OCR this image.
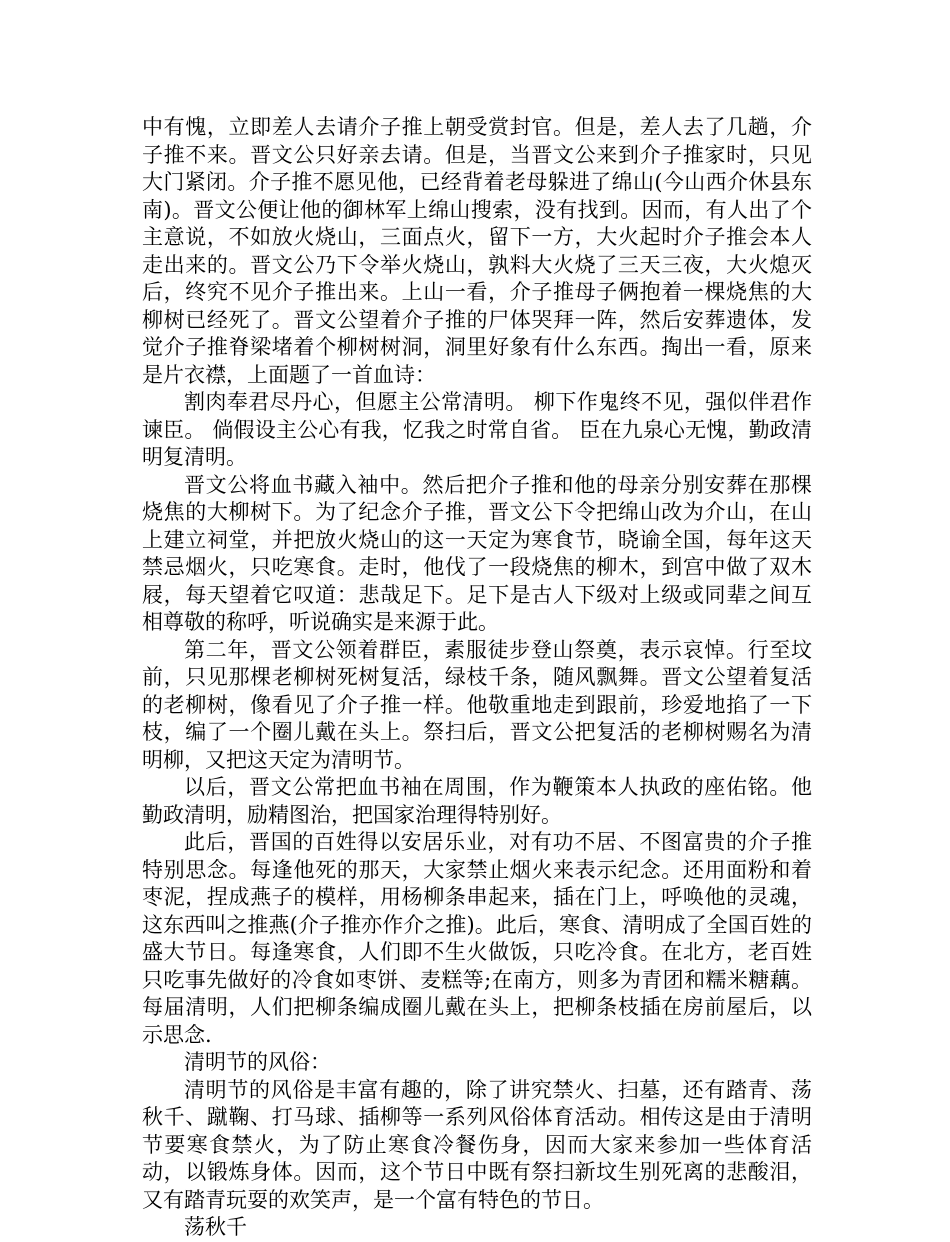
中有愧，立即差人去请介子推上朝受赏封官。但是，差人去了几趟，介子推不来。晋文公只好亲去请。但是，当晋文公来到介子推家时，只见大门紧闭。介子推不愿见他，已经背着老母躲进了绵山(今山西介休县东南)。晋文公便让他的御林军上绵山搜索，没有找到。因而，有人出了个主意说，不如放火烧山，三面点火，留下一方，大火起时介子推会本人走出来的。晋文公乃下令举火烧山，孰料大火烧了三天三夜，大火熄灭后，终究不见介子推出来。上山一看，介子推母子俩抱着一棵烧焦的大柳树已经死了。晋文公望着介子推的尸体哭拜一阵，然后安葬遗体，发觉介子推脊梁堵着个柳树树洞，洞里好象有什么东西。掏出一看，原来是片衣襟，上面题了一首血诗：

割肉奉君尽丹心，但愿主公常清明。 柳下作鬼终不见，强似伴君作谏臣。 倘假设主公心有我，忆我之时常自省。 臣在九泉心无愧，勤政清明复清明。

晋文公将血书藏入袖中。然后把介子推和他的母亲分别安葬在那棵烧焦的大柳树下。为了纪念介子推，晋文公下令把绵山改为介山，在山上建立祠堂，并把放火烧山的这一天定为寒食节，晓谕全国，每年这天禁忌烟火，只吃寒食。走时，他伐了一段烧焦的柳木，到宫中做了双木屐，每天望着它叹道：悲哉足下。足下是古人下级对上级或同辈之间互相尊敬的称呼，听说确实是来源于此。

第二年，晋文公领着群臣，素服徒步登山祭奠，表示哀悼。行至坟前，只见那棵老柳树死树复活，绿枝千条，随风飘舞。晋文公望着复活的老柳树，像看见了介子推一样。他敬重地走到跟前，珍爱地掐了一下枝，编了一个圈儿戴在头上。祭扫后，晋文公把复活的老柳树赐名为清明柳，又把这天定为清明节。

以后，晋文公常把血书袖在周围，作为鞭策本人执政的座佑铭。他勤政清明，励精图治，把国家治理得特别好。

此后，晋国的百姓得以安居乐业，对有功不居、不图富贵的介子推特别思念。每逢他死的那天，大家禁止烟火来表示纪念。还用面粉和着枣泥，捏成燕子的模样，用杨柳条串起来，插在门上，呼唤他的灵魂，这东西叫之推燕(介子推亦作介之推)。此后，寒食、清明成了全国百姓的盛大节日。每逢寒食，人们即不生火做饭，只吃冷食。在北方，老百姓只吃事先做好的冷食如枣饼、麦糕等;在南方，则多为青团和糯米糖藕。每届清明，人们把柳条编成圈儿戴在头上，把柳条枝插在房前屋后，以示思念.

清明节的风俗：

清明节的风俗是丰富有趣的，除了讲究禁火、扫墓，还有踏青、荡秋千、蹴鞠、打马球、插柳等一系列风俗体育活动。相传这是由于清明节要寒食禁火，为了防止寒食冷餐伤身，因而大家来参加一些体育活动，以锻炼身体。因而，这个节日中既有祭扫新坟生别死离的悲酸泪，又有踏青玩耍的欢笑声，是一个富有特色的节日。

荡秋千
